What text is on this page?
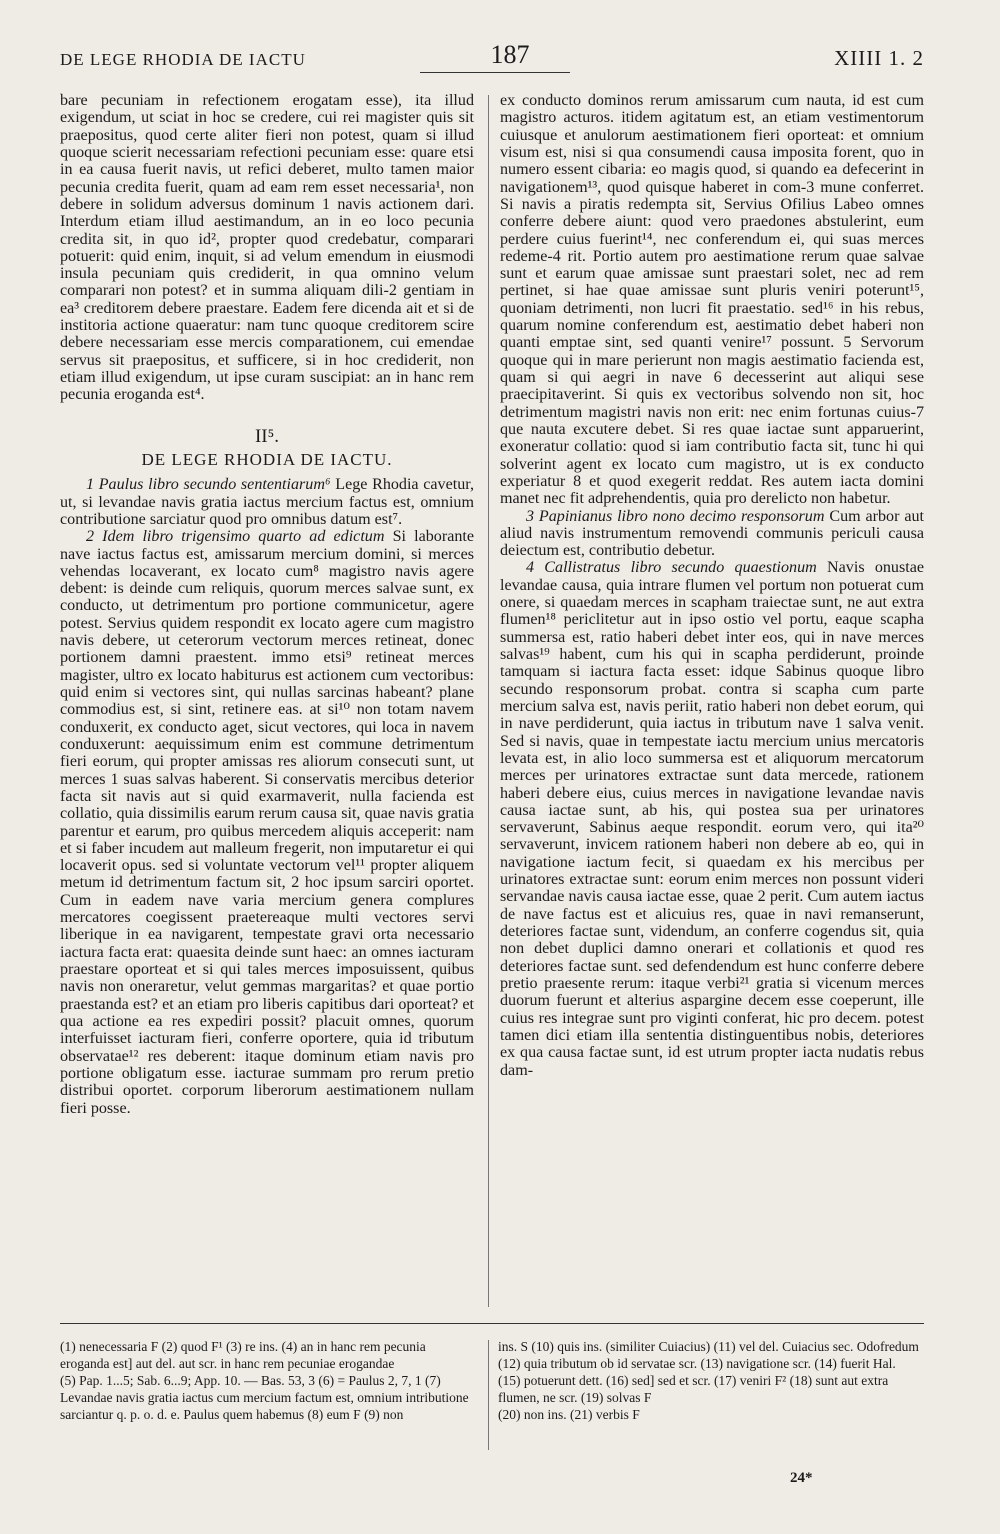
DE LEGE RHODIA DE IACTU	187	XIIII 1. 2

bare pecuniam in refectionem erogatam esse), ita illud exigendum, ut sciat in hoc se credere, cui rei magister quis sit praepositus, quod certe aliter fieri non potest, quam si illud quoque scierit necessariam refectioni pecuniam esse: quare etsi in ea causa fuerit navis, ut refici deberet, multo tamen maior pecunia credita fuerit, quam ad eam rem esset necessaria¹, non debere in solidum adversus dominum 1 navis actionem dari. Interdum etiam illud aestimandum, an in eo loco pecunia credita sit, in quo id², propter quod credebatur, comparari potuerit: quid enim, inquit, si ad velum emendum in eiusmodi insula pecuniam quis crediderit, in qua omnino velum comparari non potest? et in summa aliquam dili-2 gentiam in ea³ creditorem debere praestare. Eadem fere dicenda ait et si de institoria actione quaeratur: nam tunc quoque creditorem scire debere necessariam esse mercis comparationem, cui emendae servus sit praepositus, et sufficere, si in hoc crediderit, non etiam illud exigendum, ut ipse curam suscipiat: an in hanc rem pecunia eroganda est⁴.

II⁵.
DE LEGE RHODIA DE IACTU.

1 Paulus libro secundo sententiarum⁶ Lege Rhodia cavetur, ut, si levandae navis gratia iactus mercium factus est, omnium contributione sarciatur quod pro omnibus datum est⁷.

2 Idem libro trigensimo quarto ad edictum Si laborante nave iactus factus est, amissarum mercium domini, si merces vehendas locaverant, ex locato cum⁸ magistro navis agere debent: is deinde cum reliquis, quorum merces salvae sunt, ex conducto, ut detrimentum pro portione communicetur, agere potest. Servius quidem respondit ex locato agere cum magistro navis debere, ut ceterorum vectorum merces retineat, donec portionem damni praestent. immo etsi⁹ retineat merces magister, ultro ex locato habiturus est actionem cum vectoribus: quid enim si vectores sint, qui nullas sarcinas habeant? plane commodius est, si sint, retinere eas. at si¹⁰ non totam navem conduxerit, ex conducto aget, sicut vectores, qui loca in navem conduxerunt: aequissimum enim est commune detrimentum fieri eorum, qui propter amissas res aliorum consecuti sunt, ut merces 1 suas salvas haberent. Si conservatis mercibus deterior facta sit navis aut si quid exarmaverit, nulla facienda est collatio, quia dissimilis earum rerum causa sit, quae navis gratia parentur et earum, pro quibus mercedem aliquis acceperit: nam et si faber incudem aut malleum fregerit, non imputaretur ei qui locaverit opus. sed si voluntate vectorum vel¹¹ propter aliquem metum id detrimentum factum sit, 2 hoc ipsum sarciri oportet. Cum in eadem nave varia mercium genera complures mercatores coegissent praetereaque multi vectores servi liberique in ea navigarent, tempestate gravi orta necessario iactura facta erat: quaesita deinde sunt haec: an omnes iacturam praestare oporteat et si qui tales merces imposuissent, quibus navis non oneraretur, velut gemmas margaritas? et quae portio praestanda est? et an etiam pro liberis capitibus dari oporteat? et qua actione ea res expediri possit? placuit omnes, quorum interfuisset iacturam fieri, conferre oportere, quia id tributum observatae¹² res deberent: itaque dominum etiam navis pro portione obligatum esse. iacturae summam pro rerum pretio distribui oportet. corporum liberorum aestimationem nullam fieri posse.

ex conducto dominos rerum amissarum cum nauta, id est cum magistro acturos. itidem agitatum est, an etiam vestimentorum cuiusque et anulorum aestimationem fieri oporteat: et omnium visum est, nisi si qua consumendi causa imposita forent, quo in numero essent cibaria: eo magis quod, si quando ea defecerint in navigationem¹³, quod quisque haberet in com-3 mune conferret. Si navis a piratis redempta sit, Servius Ofilius Labeo omnes conferre debere aiunt: quod vero praedones abstulerint, eum perdere cuius fuerint¹⁴, nec conferendum ei, qui suas merces redeme-4 rit. Portio autem pro aestimatione rerum quae salvae sunt et earum quae amissae sunt praestari solet, nec ad rem pertinet, si hae quae amissae sunt pluris veniri poterunt¹⁵, quoniam detrimenti, non lucri fit praestatio. sed¹⁶ in his rebus, quarum nomine conferendum est, aestimatio debet haberi non quanti emptae sint, sed quanti venire¹⁷ possunt. 5 Servorum quoque qui in mare perierunt non magis aestimatio facienda est, quam si qui aegri in nave 6 decesserint aut aliqui sese praecipitaverint. Si quis ex vectoribus solvendo non sit, hoc detrimentum magistri navis non erit: nec enim fortunas cuius-7 que nauta excutere debet. Si res quae iactae sunt apparuerint, exoneratur collatio: quod si iam contributio facta sit, tunc hi qui solverint agent ex locato cum magistro, ut is ex conducto experiatur 8 et quod exegerit reddat. Res autem iacta domini manet nec fit adprehendentis, quia pro derelicto non habetur.

3 Papinianus libro nono decimo responsorum Cum arbor aut aliud navis instrumentum removendi communis periculi causa deiectum est, contributio debetur.

4 Callistratus libro secundo quaestionum Navis onustae levandae causa, quia intrare flumen vel portum non potuerat cum onere, si quaedam merces in scapham traiectae sunt, ne aut extra flumen¹⁸ periclitetur aut in ipso ostio vel portu, eaque scapha summersa est, ratio haberi debet inter eos, qui in nave merces salvas¹⁹ habent, cum his qui in scapha perdiderunt, proinde tamquam si iactura facta esset: idque Sabinus quoque libro secundo responsorum probat. contra si scapha cum parte mercium salva est, navis periit, ratio haberi non debet eorum, qui in nave perdiderunt, quia iactus in tributum nave 1 salva venit. Sed si navis, quae in tempestate iactu mercium unius mercatoris levata est, in alio loco summersa est et aliquorum mercatorum merces per urinatores extractae sunt data mercede, rationem haberi debere eius, cuius merces in navigatione levandae navis causa iactae sunt, ab his, qui postea sua per urinatores servaverunt, Sabinus aeque respondit. eorum vero, qui ita²⁰ servaverunt, invicem rationem haberi non debere ab eo, qui in navigatione iactum fecit, si quaedam ex his mercibus per urinatores extractae sunt: eorum enim merces non possunt videri servandae navis causa iactae esse, quae 2 perit. Cum autem iactus de nave factus est et alicuius res, quae in navi remanserunt, deteriores factae sunt, videndum, an conferre cogendus sit, quia non debet duplici damno onerari et collationis et quod res deteriores factae sunt. sed defendendum est hunc conferre debere pretio praesente rerum: itaque verbi²¹ gratia si vicenum merces duorum fuerunt et alterius aspargine decem esse coeperunt, ille cuius res integrae sunt pro viginti conferat, hic pro decem. potest tamen dici etiam illa sententia distinguentibus nobis, deteriores ex qua causa factae sunt, id est utrum propter iacta nudatis rebus dam-

(1) nenecessaria F (2) quod F¹ (3) re ins. (4) an in hanc rem pecunia eroganda est] aut del. aut scr. in hanc rem pecuniae erogandae

(5) Pap. 1...5; Sab. 6...9; App. 10. — Bas. 53, 3 (6) = Paulus 2, 7, 1 (7) Levandae navis gratia iactus cum mercium factum est, omnium intributione sarciantur q. p. o. d. e. Paulus quem habemus (8) eum F (9) non

ins. S (10) quis ins. (similiter Cuiacius) (11) vel del. Cuiacius sec. Odofredum (12) quia tributum ob id servatae scr. (13) navigatione scr. (14) fuerit Hal.

(15) potuerunt dett. (16) sed] sed et scr. (17) veniri F² (18) sunt aut extra flumen, ne scr. (19) solvas F

(20) non ins. (21) verbis F

24*
